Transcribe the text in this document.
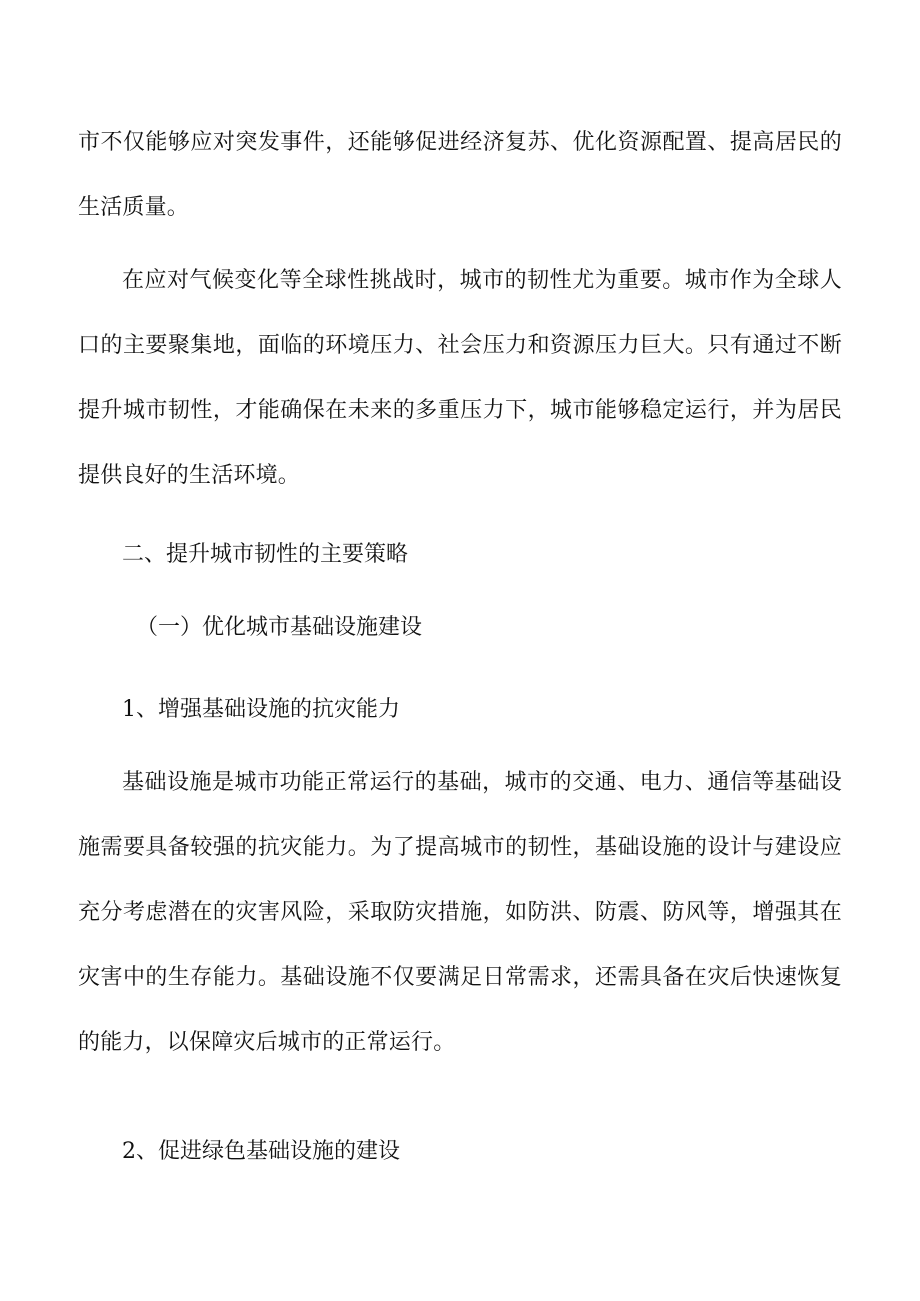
市不仅能够应对突发事件，还能够促进经济复苏、优化资源配置、提高居民的生活质量。

在应对气候变化等全球性挑战时，城市的韧性尤为重要。城市作为全球人口的主要聚集地，面临的环境压力、社会压力和资源压力巨大。只有通过不断提升城市韧性，才能确保在未来的多重压力下，城市能够稳定运行，并为居民提供良好的生活环境。

二、提升城市韧性的主要策略
（一）优化城市基础设施建设
1、增强基础设施的抗灾能力

基础设施是城市功能正常运行的基础，城市的交通、电力、通信等基础设施需要具备较强的抗灾能力。为了提高城市的韧性，基础设施的设计与建设应充分考虑潜在的灾害风险，采取防灾措施，如防洪、防震、防风等，增强其在灾害中的生存能力。基础设施不仅要满足日常需求，还需具备在灾后快速恢复的能力，以保障灾后城市的正常运行。

2、促进绿色基础设施的建设
